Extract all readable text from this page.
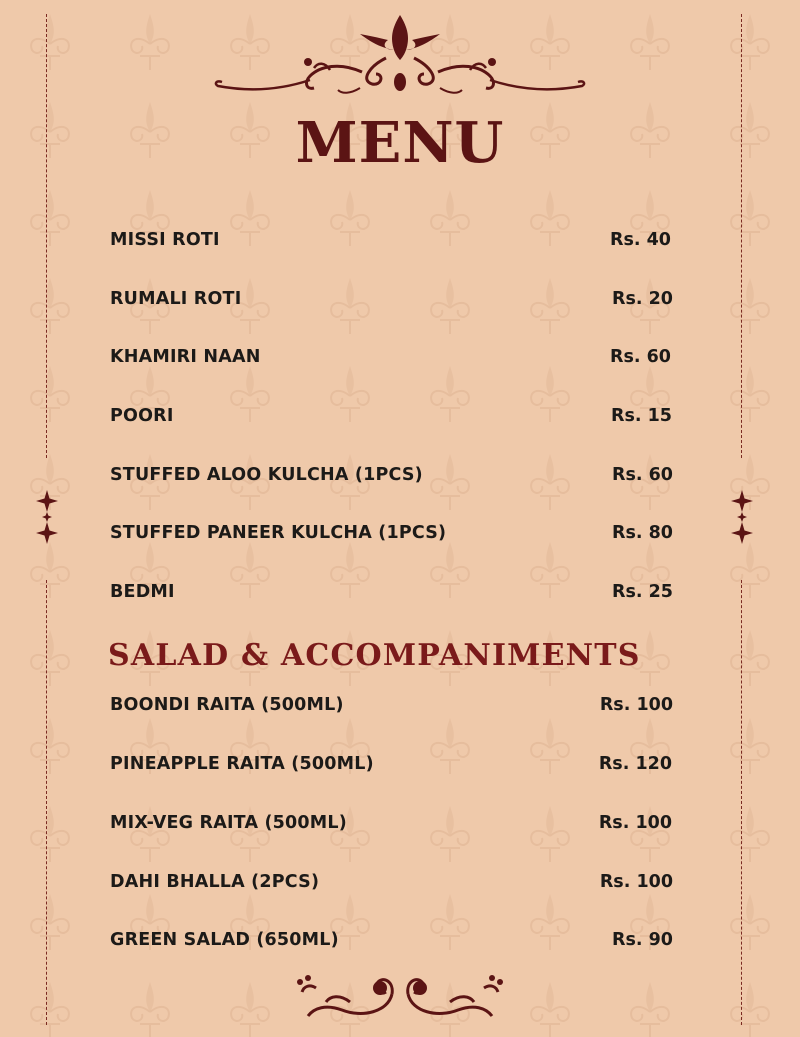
MENU
MISSI ROTI	Rs. 40
RUMALI ROTI	Rs. 20
KHAMIRI NAAN	Rs. 60
POORI	Rs. 15
STUFFED ALOO KULCHA (1PCS)	Rs. 60
STUFFED PANEER KULCHA (1PCS)	Rs. 80
BEDMI	Rs. 25
SALAD & ACCOMPANIMENTS
BOONDI RAITA (500ML)	Rs. 100
PINEAPPLE RAITA (500ML)	Rs. 120
MIX-VEG RAITA (500ML)	Rs. 100
DAHI BHALLA (2PCS)	Rs. 100
GREEN SALAD (650ML)	Rs. 90
